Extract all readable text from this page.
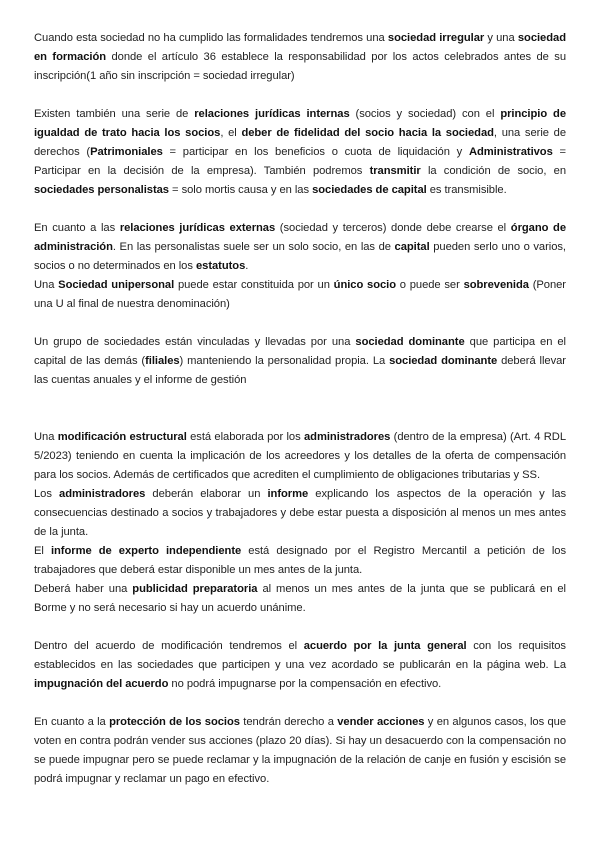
Cuando esta sociedad no ha cumplido las formalidades tendremos una sociedad irregular y una sociedad en formación donde el artículo 36 establece la responsabilidad por los actos celebrados antes de su inscripción(1 año sin inscripción = sociedad irregular)

Existen también una serie de relaciones jurídicas internas (socios y sociedad) con el principio de igualdad de trato hacia los socios, el deber de fidelidad del socio hacia la sociedad, una serie de derechos (Patrimoniales = participar en los beneficios o cuota de liquidación y Administrativos = Participar en la decisión de la empresa). También podremos transmitir la condición de socio, en sociedades personalistas = solo mortis causa y en las sociedades de capital es transmisible.

En cuanto a las relaciones jurídicas externas (sociedad y terceros) donde debe crearse el órgano de administración. En las personalistas suele ser un solo socio, en las de capital pueden serlo uno o varios, socios o no determinados en los estatutos.

Una Sociedad unipersonal puede estar constituida por un único socio o puede ser sobrevenida (Poner una U al final de nuestra denominación)

Un grupo de sociedades están vinculadas y llevadas por una sociedad dominante que participa en el capital de las demás (filiales) manteniendo la personalidad propia. La sociedad dominante deberá llevar las cuentas anuales y el informe de gestión

Una modificación estructural está elaborada por los administradores (dentro de la empresa) (Art. 4 RDL 5/2023) teniendo en cuenta la implicación de los acreedores y los detalles de la oferta de compensación para los socios. Además de certificados que acrediten el cumplimiento de obligaciones tributarias y SS.

Los administradores deberán elaborar un informe explicando los aspectos de la operación y las consecuencias destinado a socios y trabajadores y debe estar puesta a disposición al menos un mes antes de la junta.

El informe de experto independiente está designado por el Registro Mercantil a petición de los trabajadores que deberá estar disponible un mes antes de la junta.

Deberá haber una publicidad preparatoria al menos un mes antes de la junta que se publicará en el Borme y no será necesario si hay un acuerdo unánime.

Dentro del acuerdo de modificación tendremos el acuerdo por la junta general con los requisitos establecidos en las sociedades que participen y una vez acordado se publicarán en la página web. La impugnación del acuerdo no podrá impugnarse por la compensación en efectivo.

En cuanto a la protección de los socios tendrán derecho a vender acciones y en algunos casos, los que voten en contra podrán vender sus acciones (plazo 20 días). Si hay un desacuerdo con la compensación no se puede impugnar pero se puede reclamar y la impugnación de la relación de canje en fusión y escisión se podrá impugnar y reclamar un pago en efectivo.
